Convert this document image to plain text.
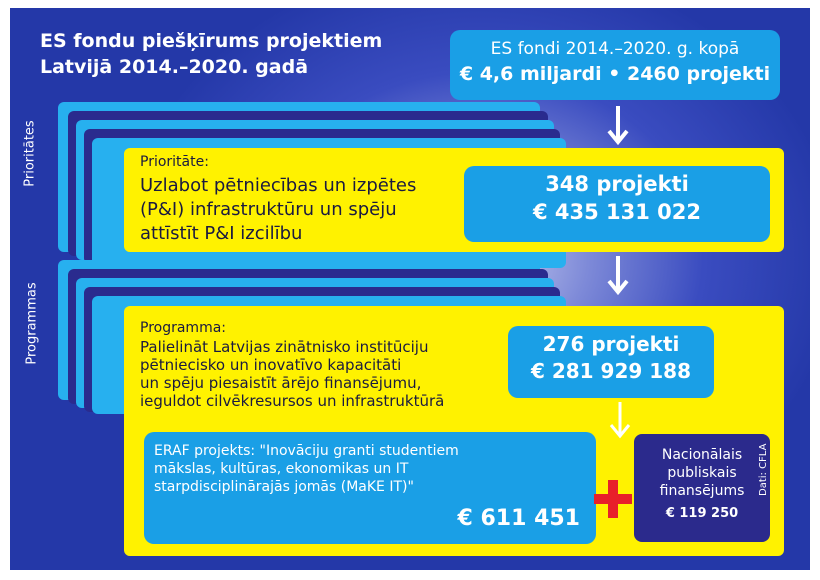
ES fondu piešķīrums projektiem
Latvijā 2014.–2020. gadā
ES fondi 2014.–2020. g. kopā
€ 4,6 miljardi • 2460 projekti
Prioritātes
Programmas
Prioritāte:
Uzlabot pētniecības un izpētes
(P&I) infrastruktūru un spēju
attīstīt P&I izcilību
348 projekti
€ 435 131 022
Programma:
Palielināt Latvijas zinātnisko institūciju
pētniecisko un inovatīvo kapacitāti
un spēju piesaistīt ārējo finansējumu,
ieguldot cilvēkresursos un infrastruktūrā
276 projekti
€ 281 929 188
ERAF projekts: "Inovāciju granti studentiem
mākslas, kultūras, ekonomikas un IT
starpdisciplinārajās jomās (MaKE IT)"
€ 611 451
Nacionālais
publiskais
finansējums
€ 119 250
Dati: CFLA
